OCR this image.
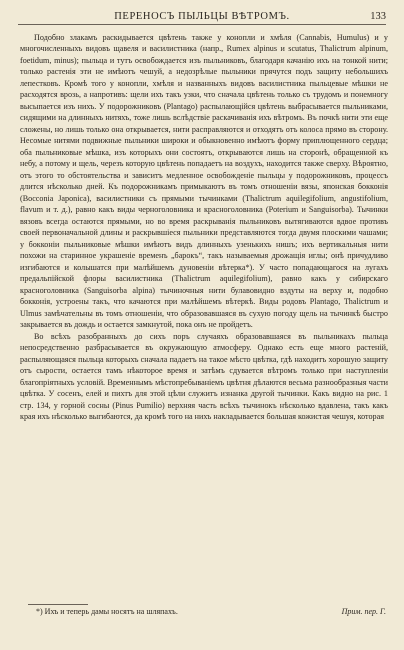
ПЕРЕНОСЪ ПЫЛЬЦЫ ВѢТРОМЪ.	133

Подобно злакамъ раскидывается цвѣтень также у конопли и хмѣля (Cannabis, Humulus) и у многочисленныхъ видовъ щавеля и василистника (напр., Rumex alpinus и scutatus, Thalictrum alpinum, foetidum, minus); пыльца и тутъ освобождается изъ пыльниковъ, благодаря качанію ихъ на тонкой нити; только растенія эти не имѣютъ чешуй, а недозрѣлые пыльники прячутся подъ защиту небольшихъ лепестковъ. Кромѣ того у конопли, хмѣля и названныхъ видовъ василистника пыльцевые мѣшки не расходятся врозь, а напротивъ: щели ихъ такъ узки, что сначала цвѣтень только съ трудомъ и понемногу высыпается изъ нихъ. У подорожниковъ (Plantago) распылающійся цвѣтень выбрасывается пыльниками, сидящими на длинныхъ нитяхъ, тоже лишь вслѣдствіе раскачиванія ихъ вѣтромъ. Въ почкѣ нити эти еще сложены, но лишь только она открывается, нити расправляются и отходятъ отъ колоса прямо въ сторону. Несомые нитями подвижные пыльники широки и обыкновенно имѣютъ форму приплющенного сердца; оба пыльниковые мѣшка, изъ которыхъ они состоятъ, открываются лишь на сторонѣ, обращенной къ небу, а потому и щель, черезъ которую цвѣтень попадаетъ на воздухъ, находится также сверху. Вѣроятно, отъ этого то обстоятельства и зависитъ медленное освобожденіе пыльцы у подорожниковъ, процессъ длится нѣсколько дней. Къ подорожникамъ примыкаютъ въ томъ отношеніи вязы, японская бокконія (Bocconia Japonica), василистники съ прямыми тычинками (Thalictrum aquilegifolium, angustifolium, flavum и т. д.), равно какъ виды черноголовника и красноголовника (Poterium и Sanguisorba). Тычинки вязовъ всегда остаются прямыми, но во время раскрыванія пыльниковъ вытягиваются вдвое противъ своей первоначальной длины и раскрывшіеся пыльники представляются тогда двумя плоскими чашами; у бокконіи пыльниковые мѣшки имѣютъ видъ длинныхъ узенькихъ нишъ; ихъ вертикальныя нити похожи на старинное украшеніе временъ „барокъ“, такъ называемыя дрожащія иглы; онѣ причудливо изгибаются и колышатся при малѣйшемъ дуновеніи вѣтерка*). У часто попадающагося на лугахъ предальпійской флоры василистника (Thalictrum aquilegifolium), равно какъ у сибирскаго красноголовника (Sanguisorba alpina) тычиночныя нити булавовидно вздуты на верху и, подобно бокконія, устроены такъ, что качаются при малѣйшемъ вѣтеркѣ. Виды родовъ Plantago, Thalictrum и Ulmus замѣчательны въ томъ отношеніи, что образовавшаяся въ сухую погоду щель на тычинкѣ быстро закрывается въ дождь и остается замкнутой, пока онъ не пройдетъ.

Во всѣхъ разобранныхъ до сихъ поръ случаяхъ образовавшаяся въ пыльникахъ пыльца непосредственно разбрасывается въ окружающую атмосферу. Однако есть еще много растеній, распыляющаяся пыльца которыхъ сначала падаетъ на такое мѣсто цвѣтка, гдѣ находитъ хорошую защиту отъ сырости, остается тамъ нѣкоторое время и затѣмъ сдувается вѣтромъ только при наступленіи благопріятныхъ условій. Временнымъ мѣстопребываніемъ цвѣтня дѣлаются весьма разнообразныя части цвѣтка. У сосенъ, елей и пихтъ для этой цѣли служитъ изнанка другой тычинки. Какъ видно на рис. 1 стр. 134, у горной сосны (Pinus Pumilio) верхняя часть всѣхъ тычинокъ нѣсколько вдавлена, такъ какъ края ихъ нѣсколько выгибаются, да кромѣ того на нихъ накладывается большая кожистая чешуя, которая

*) Ихъ и теперь дамы носятъ на шляпахъ.	Прим. пер. Г.
